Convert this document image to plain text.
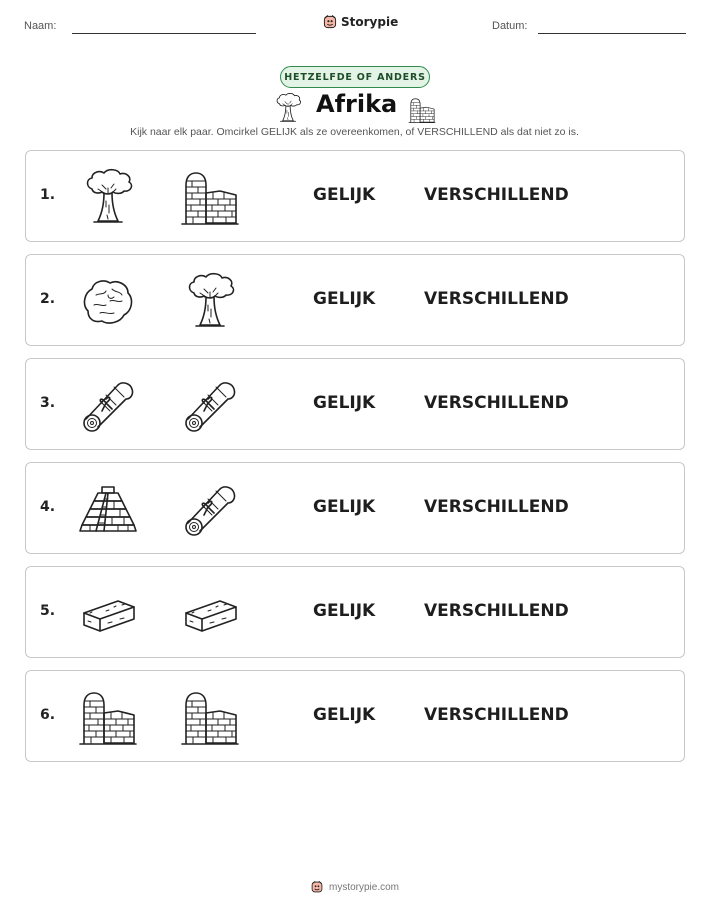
Naam:	Storypie	Datum:
HETZELFDE OF ANDERS
Afrika
Kijk naar elk paar. Omcirkel GELIJK als ze overeenkomen, of VERSCHILLEND als dat niet zo is.
1.	GELIJK	VERSCHILLEND
2.	GELIJK	VERSCHILLEND
3.	GELIJK	VERSCHILLEND
4.	GELIJK	VERSCHILLEND
5.	GELIJK	VERSCHILLEND
6.	GELIJK	VERSCHILLEND
mystorypie.com
